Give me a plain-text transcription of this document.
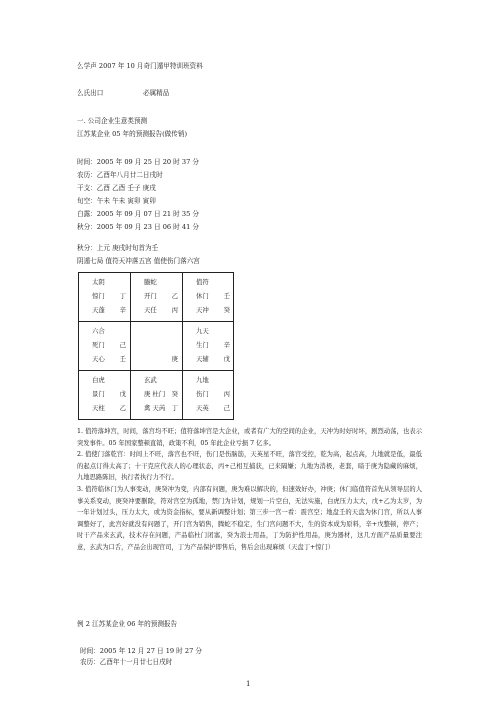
么学声 2007 年 10 月奇门遁甲特训班资料
么氏出口	必属精品
一. 公司企业生意类预测
江苏某企业 05 年的预测报告(做传销)
时间：2005 年 09 月 25 日 20 时 37 分
农历：乙酉年八月廿二日戌时
干支：乙酉 乙酉 壬子 庚戌
旬空：午未 午未 寅卯 寅卯
白露：2005 年 09 月 07 日 21 时 35 分
秋分：2005 年 09 月 23 日 06 时 41 分
秋分：上元 庚戌时旬首为壬
阴遁七局 值符天冲落五宫 值使伤门落六宫
太阴
惊门 丁
天蓬 辛
螣蛇
开门 乙
天任 丙
值符
休门 壬
天冲 癸
六合
死门 己
天心 壬	庚
九天
生门 辛
天辅 戊
白虎
景门 戊
天柱 乙
玄武
庚 杜门 癸
禽 天芮 丁
九地
伤门 丙
天英 己
1. 值符落坤宫，时间，落宫均不旺；值符落坤宫是大企业，或者有广大的空间的企业，天冲为时好时坏，剧烈动荡，也表示突发事件。05 年国家整顿直销，政策不利，05 年此企业亏损 7 亿多。
2. 值使门落乾宫：时间上不旺，落宫也不旺，伤门是伤脑筋，天英星不旺，落宫受控，乾为高，起点高，九地就是低，最低的起点订得太高了；十干克应代表人的心理状态，丙+己相互捕获，已来隔嫌；九地为消极，老套，暗于庚为隐藏的麻烦，九地思路陈旧，执行者执行力不行。
3. 值符临休门为人事变动，庚癸冲为变，内部有问题，庚为难以解决的，但速效好办，冲庚；休门临值符首先从领导层的人事关系变动，庚癸冲要删除，符对宫空为孤地，禁门为计划，规划一片空白，无法实施，白虎压力太大，戊+乙为太岁，为一年计划过头，压力太大，或为资金指标，要从新调整计划；第三步一宫一看：震宫空；地盘壬的天盘为休门宫，所以人事调整好了，此宫好就没有问题了，开门宫为销售，腾蛇不稳定，生门宫问题不大，生的资本成为原料，辛+戊整顿，停产；时干产品来玄武，技术存在问题，产品临杜门闭塞，癸为浪士用品，丁为防护性用品，庚为器材，这几方面产品质量要注意，玄武为口舌，产品会出现官司，丁为产品保护即售后，售后会出现麻烦（天盘丁+惊门）
例 2 江苏某企业 06 年的预测报告
时间：2005 年 12 月 27 日 19 时 27 分
农历：乙酉年十一月廿七日戌时
1
